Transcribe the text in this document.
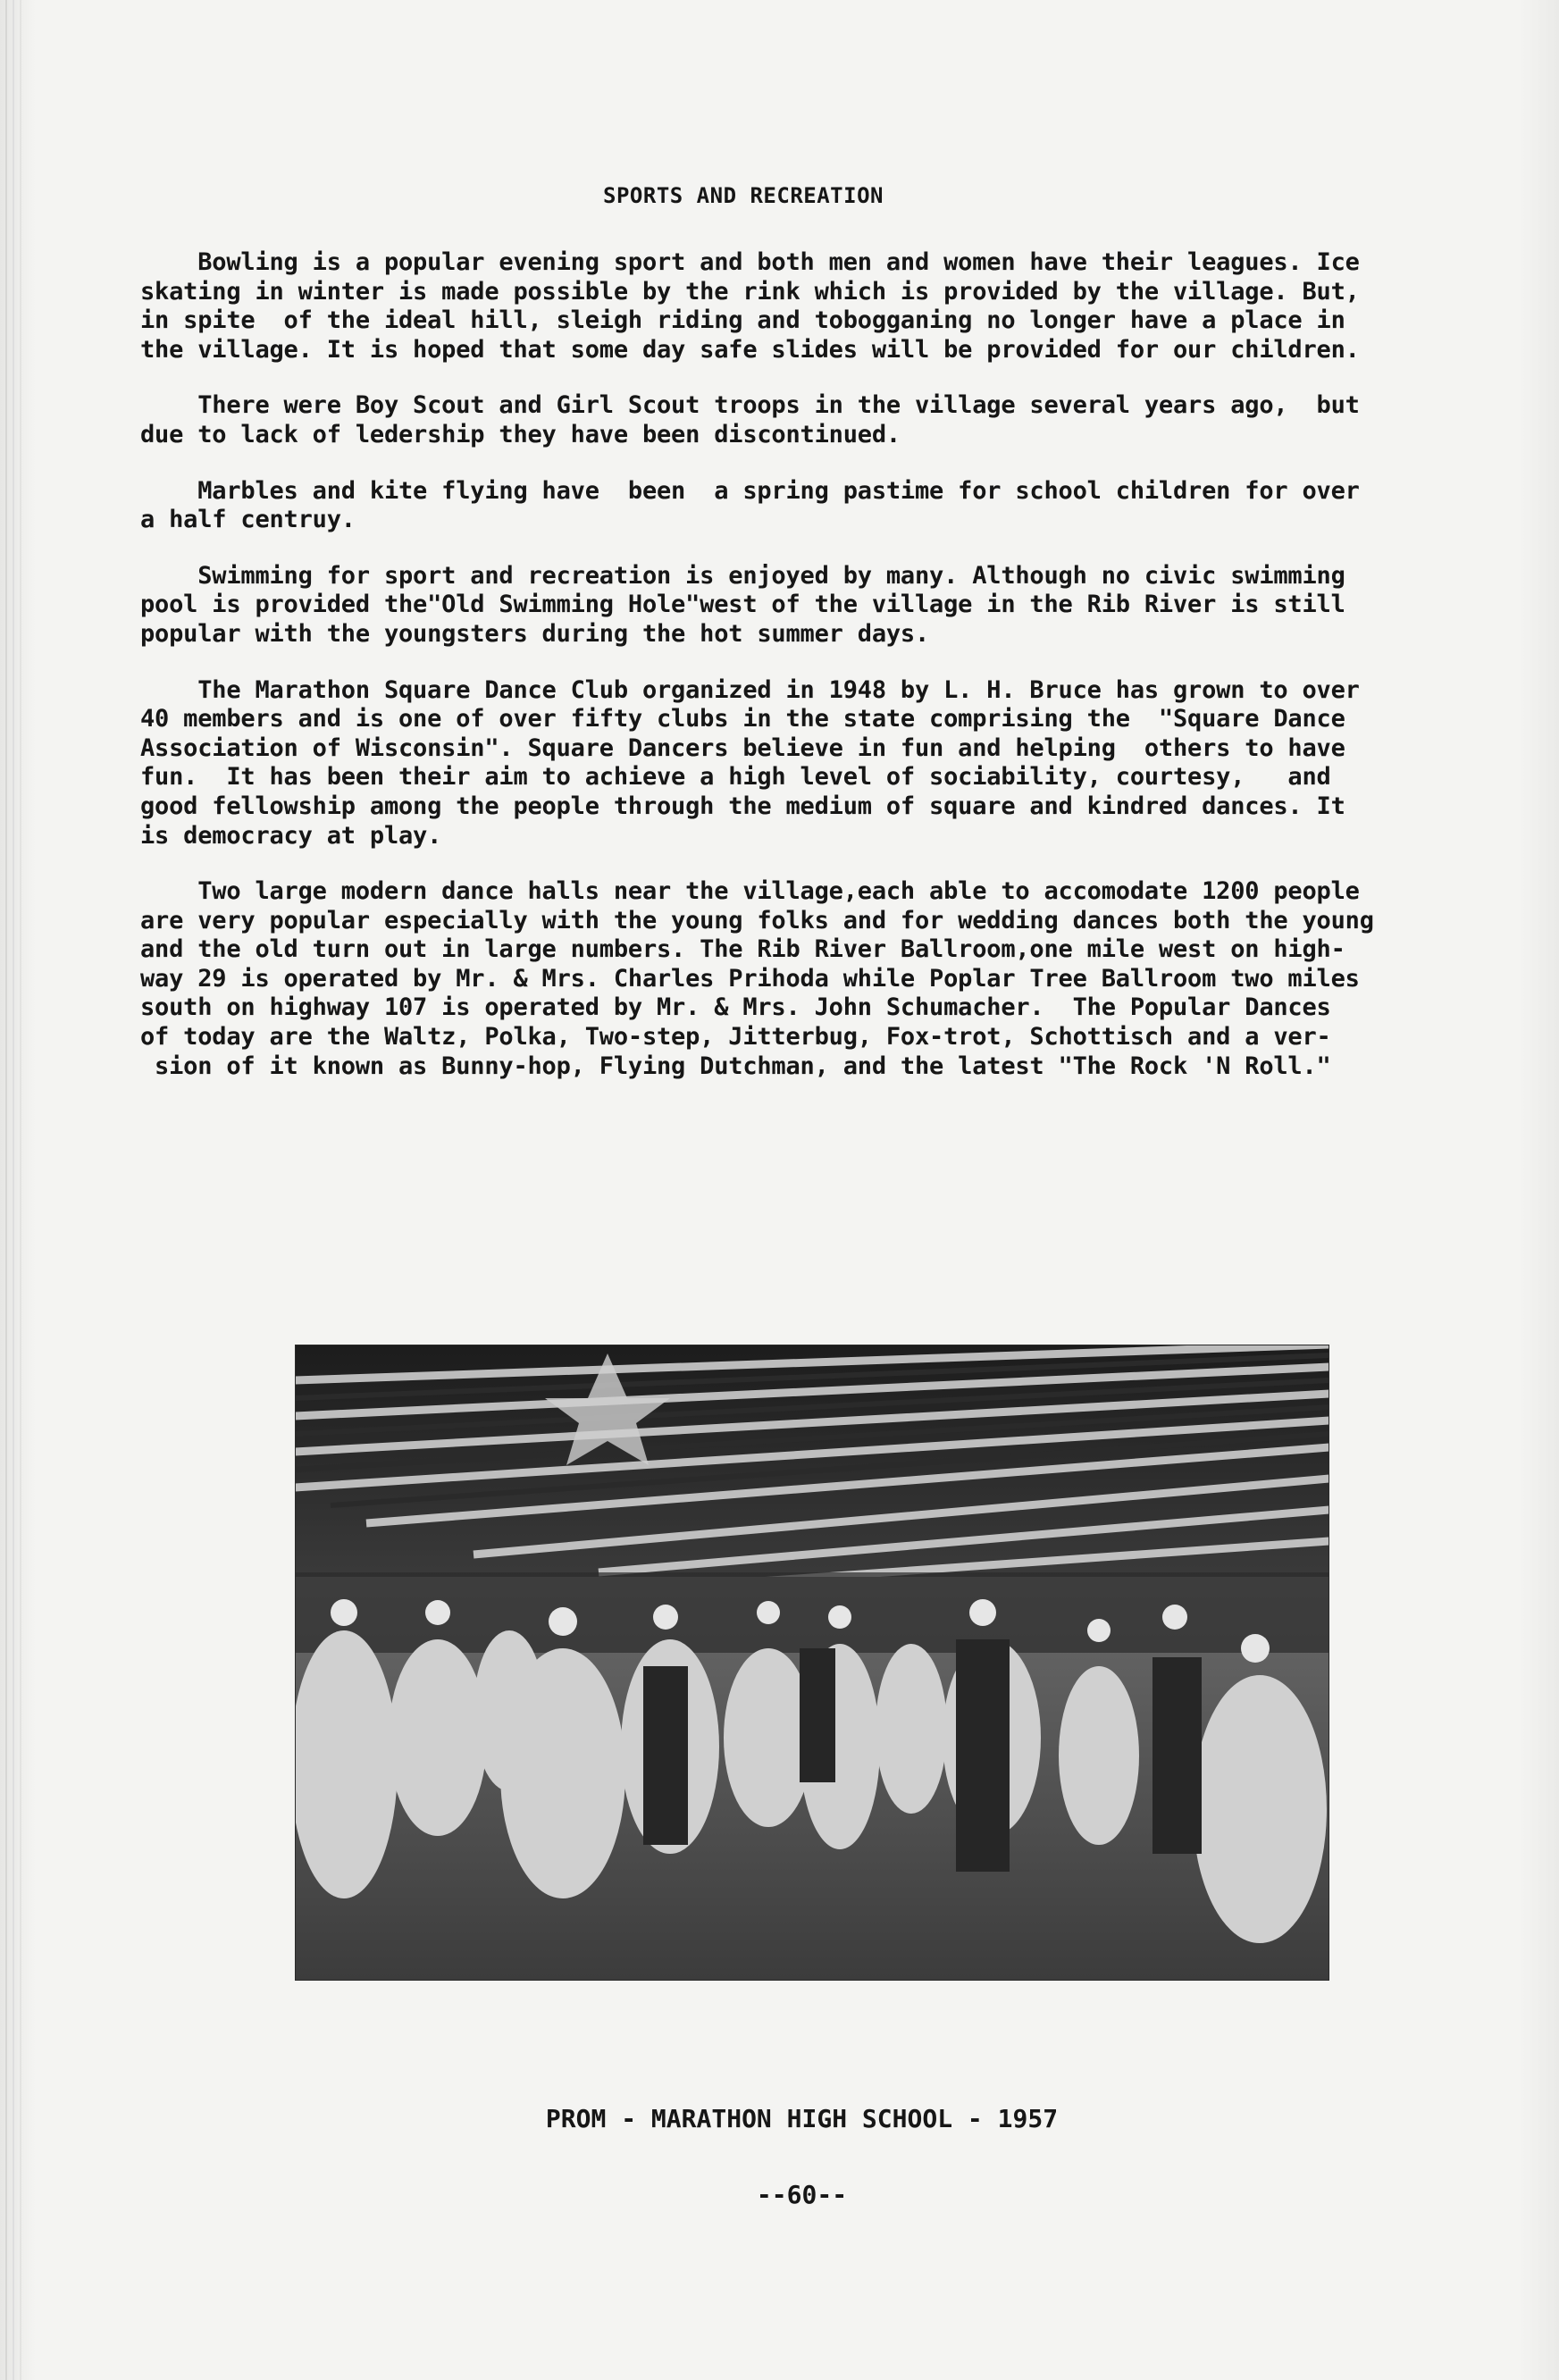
SPORTS AND RECREATION
Bowling is a popular evening sport and both men and women have their leagues. Ice
skating in winter is made possible by the rink which is provided by the village. But,
in spite  of the ideal hill, sleigh riding and tobogganing no longer have a place in
the village. It is hoped that some day safe slides will be provided for our children.
There were Boy Scout and Girl Scout troops in the village several years ago,  but
due to lack of ledership they have been discontinued.
Marbles and kite flying have  been  a spring pastime for school children for over
a half centruy.
Swimming for sport and recreation is enjoyed by many. Although no civic swimming
pool is provided the"Old Swimming Hole"west of the village in the Rib River is still
popular with the youngsters during the hot summer days.
The Marathon Square Dance Club organized in 1948 by L. H. Bruce has grown to over
40 members and is one of over fifty clubs in the state comprising the  "Square Dance
Association of Wisconsin". Square Dancers believe in fun and helping  others to have
fun.  It has been their aim to achieve a high level of sociability, courtesy,   and
good fellowship among the people through the medium of square and kindred dances. It
is democracy at play.
Two large modern dance halls near the village,each able to accomodate 1200 people
are very popular especially with the young folks and for wedding dances both the young
and the old turn out in large numbers. The Rib River Ballroom,one mile west on high-
way 29 is operated by Mr. & Mrs. Charles Prihoda while Poplar Tree Ballroom two miles
south on highway 107 is operated by Mr. & Mrs. John Schumacher.  The Popular Dances
of today are the Waltz, Polka, Two-step, Jitterbug, Fox-trot, Schottisch and a ver-
sion of it known as Bunny-hop, Flying Dutchman, and the latest "The Rock 'N Roll."
PROM - MARATHON HIGH SCHOOL - 1957
--60--
